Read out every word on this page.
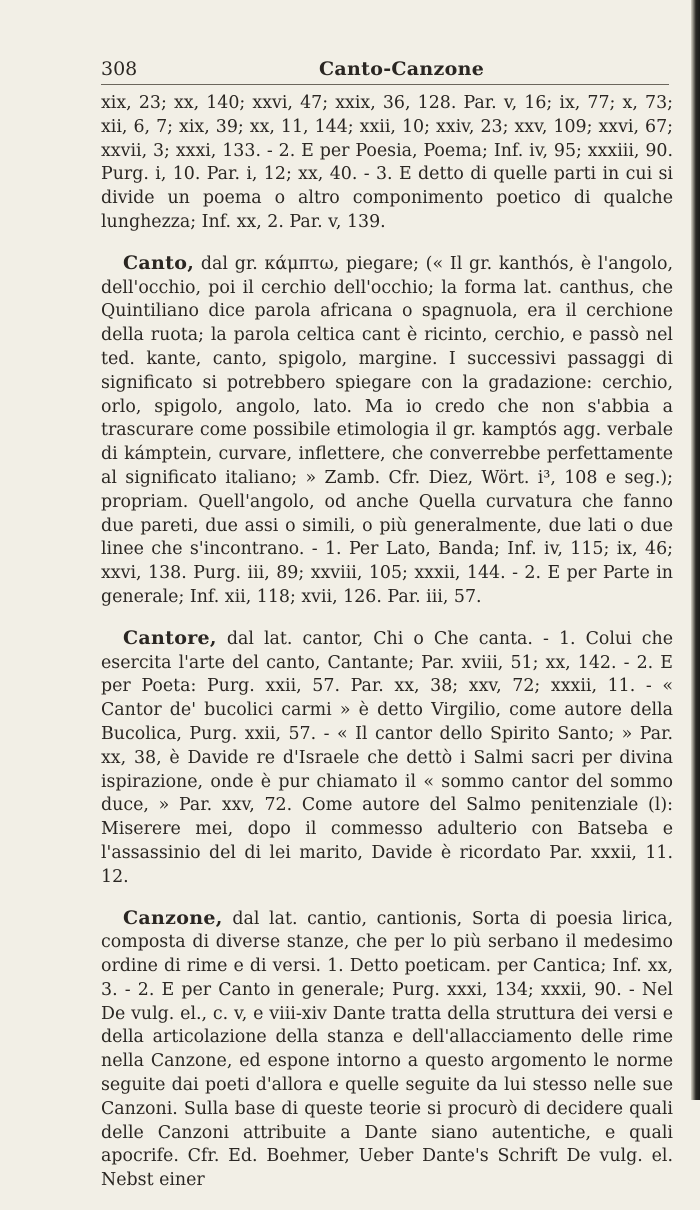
308	Canto-Canzone

xix, 23; xx, 140; xxvi, 47; xxix, 36, 128. Par. v, 16; ix, 77; x, 73; xii, 6, 7; xix, 39; xx, 11, 144; xxii, 10; xxiv, 23; xxv, 109; xxvi, 67; xxvii, 3; xxxi, 133. - 2. E per Poesia, Poema; Inf. iv, 95; xxxiii, 90. Purg. i, 10. Par. i, 12; xx, 40. - 3. E detto di quelle parti in cui si divide un poema o altro componimento poetico di qualche lunghezza; Inf. xx, 2. Par. v, 139.

Canto, dal gr. κάμπτω, piegare; (« Il gr. kanthós, è l'angolo, dell'occhio, poi il cerchio dell'occhio; la forma lat. canthus, che Quintiliano dice parola africana o spagnuola, era il cerchione della ruota; la parola celtica cant è ricinto, cerchio, e passò nel ted. kante, canto, spigolo, margine. I successivi passaggi di significato si potrebbero spiegare con la gradazione: cerchio, orlo, spigolo, angolo, lato. Ma io credo che non s'abbia a trascurare come possibile etimologia il gr. kamptós agg. verbale di kámptein, curvare, inflettere, che converrebbe perfettamente al significato italiano; » Zamb. Cfr. Diez, Wört. i³, 108 e seg.); propriam. Quell'angolo, od anche Quella curvatura che fanno due pareti, due assi o simili, o più generalmente, due lati o due linee che s'incontrano. - 1. Per Lato, Banda; Inf. iv, 115; ix, 46; xxvi, 138. Purg. iii, 89; xxviii, 105; xxxii, 144. - 2. E per Parte in generale; Inf. xii, 118; xvii, 126. Par. iii, 57.

Cantore, dal lat. cantor, Chi o Che canta. - 1. Colui che esercita l'arte del canto, Cantante; Par. xviii, 51; xx, 142. - 2. E per Poeta: Purg. xxii, 57. Par. xx, 38; xxv, 72; xxxii, 11. - « Cantor de' bucolici carmi » è detto Virgilio, come autore della Bucolica, Purg. xxii, 57. - « Il cantor dello Spirito Santo; » Par. xx, 38, è Davide re d'Israele che dettò i Salmi sacri per divina ispirazione, onde è pur chiamato il « sommo cantor del sommo duce, » Par. xxv, 72. Come autore del Salmo penitenziale (l): Miserere mei, dopo il commesso adulterio con Batseba e l'assassinio del di lei marito, Davide è ricordato Par. xxxii, 11. 12.

Canzone, dal lat. cantio, cantionis, Sorta di poesia lirica, composta di diverse stanze, che per lo più serbano il medesimo ordine di rime e di versi. 1. Detto poeticam. per Cantica; Inf. xx, 3. - 2. E per Canto in generale; Purg. xxxi, 134; xxxii, 90. - Nel De vulg. el., c. v, e viii-xiv Dante tratta della struttura dei versi e della articolazione della stanza e dell'allacciamento delle rime nella Canzone, ed espone intorno a questo argomento le norme seguite dai poeti d'allora e quelle seguite da lui stesso nelle sue Canzoni. Sulla base di queste teorie si procurò di decidere quali delle Canzoni attribuite a Dante siano autentiche, e quali apocrife. Cfr. Ed. Boehmer, Ueber Dante's Schrift De vulg. el. Nebst einer
